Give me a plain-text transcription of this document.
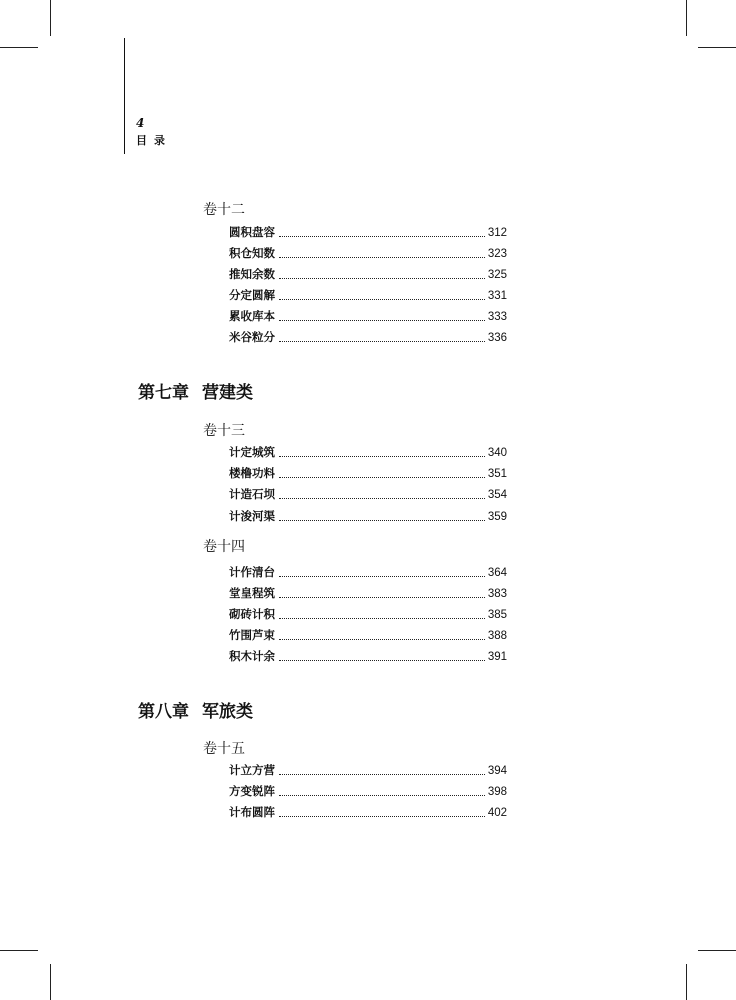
4
目录
卷十二
圆积盘容	312
积仓知数	323
推知余数	325
分定圆解	331
累收库本	333
米谷粒分	336
第七章 营建类
卷十三
计定城筑	340
楼橹功料	351
计造石坝	354
计浚河渠	359
卷十四
计作清台	364
堂皇程筑	383
砌砖计积	385
竹围芦束	388
积木计余	391
第八章 军旅类
卷十五
计立方营	394
方变锐阵	398
计布圆阵	402
